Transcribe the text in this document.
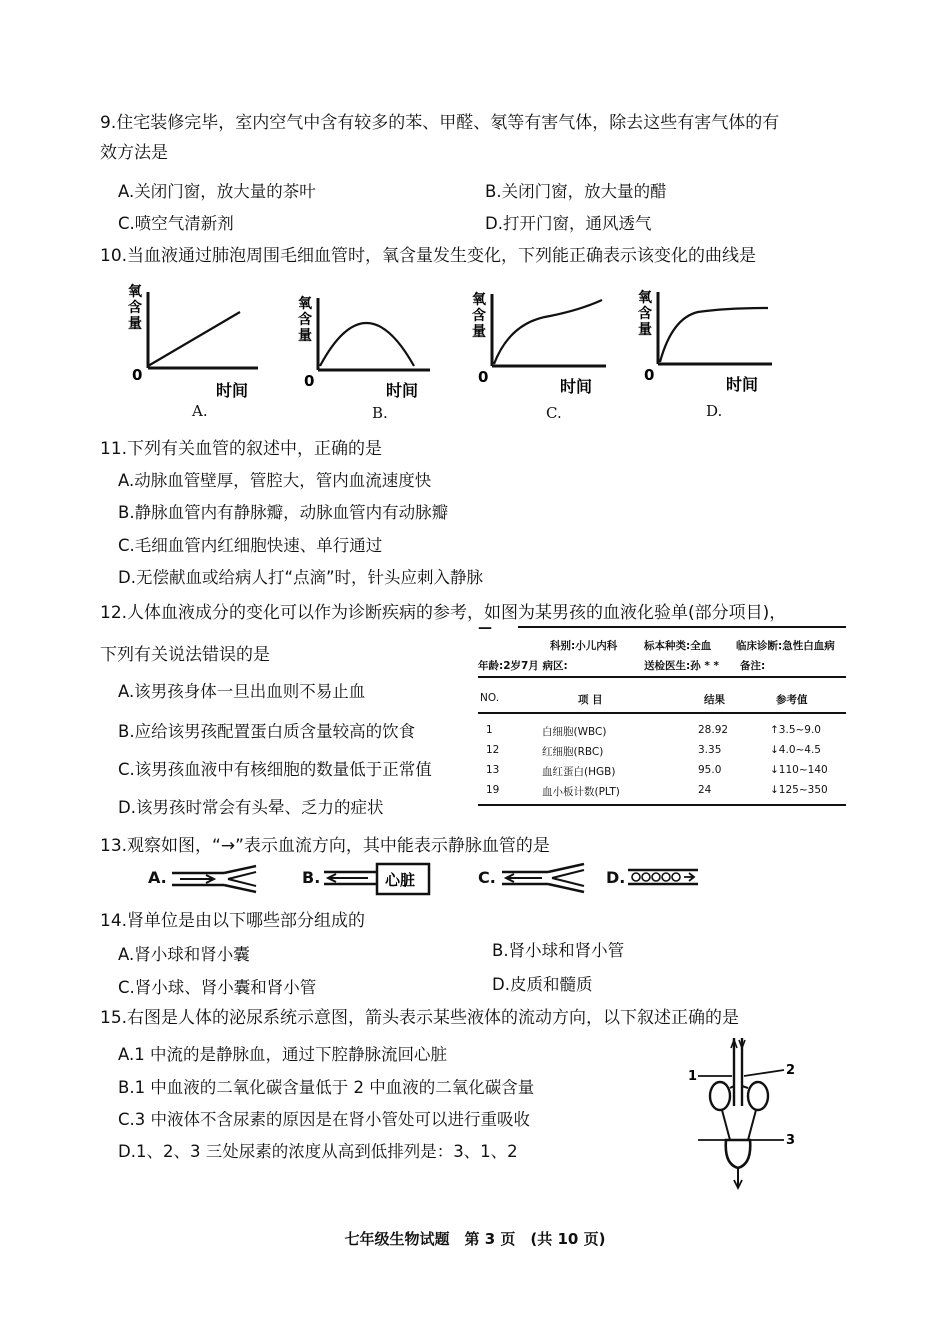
9.住宅装修完毕，室内空气中含有较多的苯、甲醛、氡等有害气体，除去这些有害气体的有
效方法是
A.关闭门窗，放大量的茶叶	B.关闭门窗，放大量的醋
C.喷空气清新剂	D.打开门窗，通风透气
10.当血液通过肺泡周围毛细血管时，氧含量发生变化，下列能正确表示该变化的曲线是
氧
含
量
0
时间
A.
氧
含
量
0	时间
B.
氧
含
量
0	时间
C.
氧
含
量
0	时间
D.
11.下列有关血管的叙述中，正确的是
A.动脉血管壁厚，管腔大，管内血流速度快
B.静脉血管内有静脉瓣，动脉血管内有动脉瓣
C.毛细血管内红细胞快速、单行通过
D.无偿献血或给病人打“点滴”时，针头应刺入静脉
12.人体血液成分的变化可以作为诊断疾病的参考，如图为某男孩的血液化验单(部分项目)，
下列有关说法错误的是
A.该男孩身体一旦出血则不易止血
B.应给该男孩配置蛋白质含量较高的饮食
C.该男孩血液中有核细胞的数量低于正常值
D.该男孩时常会有头晕、乏力的症状
—
科别:小儿内科	标本种类:全血 临床诊断:急性白血病
年龄:2岁7月 病区:	送检医生:孙 * * 备注:
NO.	项 目	结果	参考值
1	白细胞(WBC)	28.92	↑3.5~9.0
12	红细胞(RBC)	3.35	↓4.0~4.5
13	血红蛋白(HGB)	95.0	↓110~140
19	血小板计数(PLT)	24	↓125~350
13.观察如图，“→”表示血流方向，其中能表示静脉血管的是
A.	B.	心脏	C.	D.
14.肾单位是由以下哪些部分组成的
A.肾小球和肾小囊	B.肾小球和肾小管
C.肾小球、肾小囊和肾小管	D.皮质和髓质
15.右图是人体的泌尿系统示意图，箭头表示某些液体的流动方向，以下叙述正确的是
A.1 中流的是静脉血，通过下腔静脉流回心脏
B.1 中血液的二氧化碳含量低于 2 中血液的二氧化碳含量
C.3 中液体不含尿素的原因是在肾小管处可以进行重吸收
D.1、2、3 三处尿素的浓度从高到低排列是：3、1、2
1	2
3
七年级生物试题　第 3 页　(共 10 页)
